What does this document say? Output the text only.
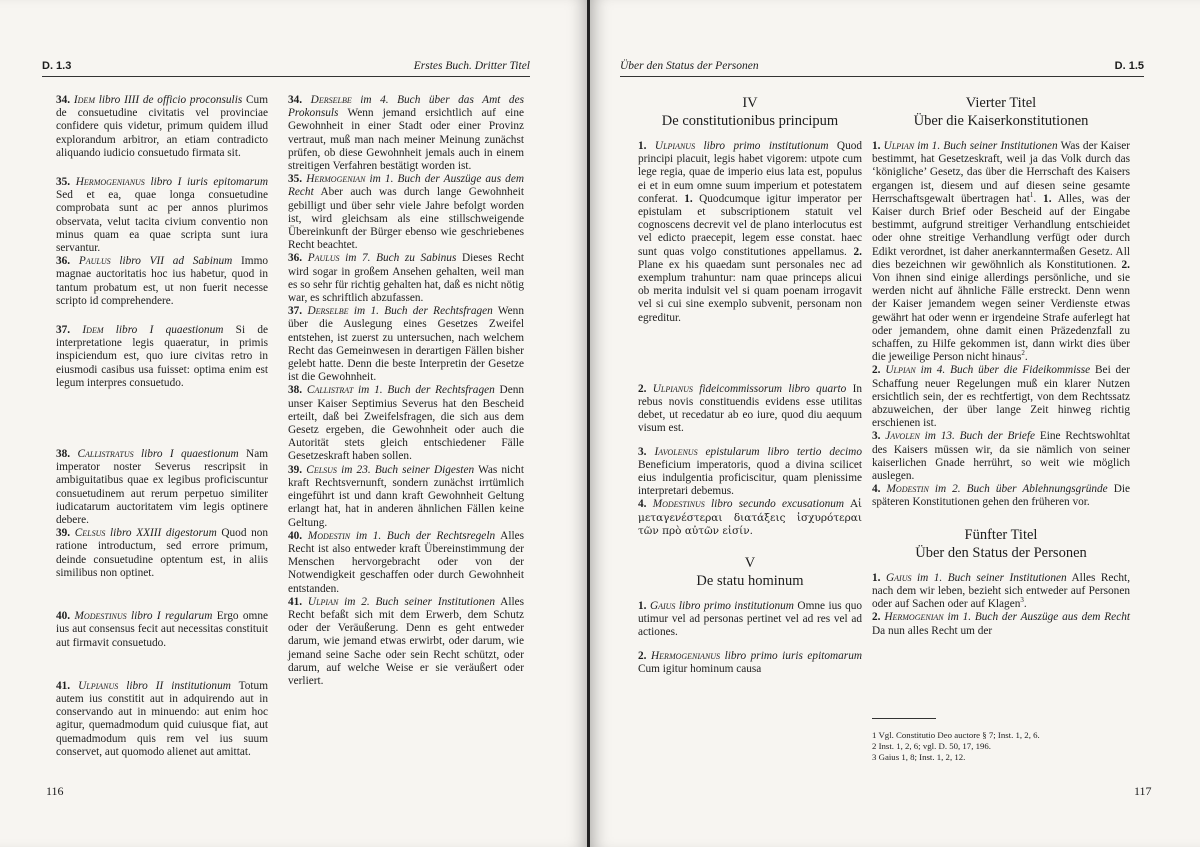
D. 1.3	Erstes Buch. Dritter Titel

34. Idem libro IIII de officio proconsulis Cum de consuetudine civitatis vel provinciae confidere quis videtur, primum quidem illud explorandum arbitror, an etiam contradicto aliquando iudicio consuetudo firmata sit.

35. Hermogenianus libro I iuris epitomarum Sed et ea, quae longa consuetudine comprobata sunt ac per annos plurimos observata, velut tacita civium conventio non minus quam ea quae scripta sunt iura servantur.

36. Paulus libro VII ad Sabinum Immo magnae auctoritatis hoc ius habetur, quod in tantum probatum est, ut non fuerit necesse scripto id comprehendere.

37. Idem libro I quaestionum Si de interpretatione legis quaeratur, in primis inspiciendum est, quo iure civitas retro in eiusmodi casibus usa fuisset: optima enim est legum interpres consuetudo.

38. Callistratus libro I quaestionum Nam imperator noster Severus rescripsit in ambiguitatibus quae ex legibus proficiscuntur consuetudinem aut rerum perpetuo similiter iudicatarum auctoritatem vim legis optinere debere.

39. Celsus libro XXIII digestorum Quod non ratione introductum, sed errore primum, deinde consuetudine optentum est, in aliis similibus non optinet.

40. Modestinus libro I regularum Ergo omne ius aut consensus fecit aut necessitas constituit aut firmavit consuetudo.

41. Ulpianus libro II institutionum Totum autem ius constitit aut in adquirendo aut in conservando aut in minuendo: aut enim hoc agitur, quemadmodum quid cuiusque fiat, aut quemadmodum quis rem vel ius suum conservet, aut quomodo alienet aut amittat.

34. Derselbe im 4. Buch über das Amt des Prokonsuls Wenn jemand ersichtlich auf eine Gewohnheit in einer Stadt oder einer Provinz vertraut, muß man nach meiner Meinung zunächst prüfen, ob diese Gewohnheit jemals auch in einem streitigen Verfahren bestätigt worden ist.

35. Hermogenian im 1. Buch der Auszüge aus dem Recht Aber auch was durch lange Gewohnheit gebilligt und über sehr viele Jahre befolgt worden ist, wird gleichsam als eine stillschweigende Übereinkunft der Bürger ebenso wie geschriebenes Recht beachtet.

36. Paulus im 7. Buch zu Sabinus Dieses Recht wird sogar in großem Ansehen gehalten, weil man es so sehr für richtig gehalten hat, daß es nicht nötig war, es schriftlich abzufassen.

37. Derselbe im 1. Buch der Rechtsfragen Wenn über die Auslegung eines Gesetzes Zweifel entstehen, ist zuerst zu untersuchen, nach welchem Recht das Gemeinwesen in derartigen Fällen bisher gelebt hatte. Denn die beste Interpretin der Gesetze ist die Gewohnheit.

38. Callistrat im 1. Buch der Rechtsfragen Denn unser Kaiser Septimius Severus hat den Bescheid erteilt, daß bei Zweifelsfragen, die sich aus dem Gesetz ergeben, die Gewohnheit oder auch die Autorität stets gleich entschiedener Fälle Gesetzeskraft haben sollen.

39. Celsus im 23. Buch seiner Digesten Was nicht kraft Rechtsvernunft, sondern zunächst irrtümlich eingeführt ist und dann kraft Gewohnheit Geltung erlangt hat, hat in anderen ähnlichen Fällen keine Geltung.

40. Modestin im 1. Buch der Rechtsregeln Alles Recht ist also entweder kraft Übereinstimmung der Menschen hervorgebracht oder von der Notwendigkeit geschaffen oder durch Gewohnheit entstanden.

41. Ulpian im 2. Buch seiner Institutionen Alles Recht befaßt sich mit dem Erwerb, dem Schutz oder der Veräußerung. Denn es geht entweder darum, wie jemand etwas erwirbt, oder darum, wie jemand seine Sache oder sein Recht schützt, oder darum, auf welche Weise er sie veräußert oder verliert.

116
Über den Status der Personen	D. 1.5
IV
De constitutionibus principum

1. Ulpianus libro primo institutionum Quod principi placuit, legis habet vigorem: utpote cum lege regia, quae de imperio eius lata est, populus ei et in eum omne suum imperium et potestatem conferat. 1. Quodcumque igitur imperator per epistulam et subscriptionem statuit vel cognoscens decrevit vel de plano interlocutus est vel edicto praecepit, legem esse constat. haec sunt quas volgo constitutiones appellamus. 2. Plane ex his quaedam sunt personales nec ad exemplum trahuntur: nam quae princeps alicui ob merita indulsit vel si quam poenam irrogavit vel si cui sine exemplo subvenit, personam non egreditur.

2. Ulpianus fideicommissorum libro quarto In rebus novis constituendis evidens esse utilitas debet, ut recedatur ab eo iure, quod diu aequum visum est.

3. Iavolenus epistularum libro tertio decimo Beneficium imperatoris, quod a divina scilicet eius indulgentia proficiscitur, quam plenissime interpretari debemus.

4. Modestinus libro secundo excusationum Αἱ μεταγενέστεραι διατάξεις ἰσχυρότεραι τῶν πρὸ αὐτῶν εἰσίν.

V
De statu hominum

1. Gaius libro primo institutionum Omne ius quo utimur vel ad personas pertinet vel ad res vel ad actiones.

2. Hermogenianus libro primo iuris epitomarum Cum igitur hominum causa

Vierter Titel
Über die Kaiserkonstitutionen

1. Ulpian im 1. Buch seiner Institutionen Was der Kaiser bestimmt, hat Gesetzeskraft, weil ja das Volk durch das ‘königliche’ Gesetz, das über die Herrschaft des Kaisers ergangen ist, diesem und auf diesen seine gesamte Herrschaftsgewalt übertragen hat$^1$. 1. Alles, was der Kaiser durch Brief oder Bescheid auf der Eingabe bestimmt, aufgrund streitiger Verhandlung entschieidet oder ohne streitige Verhandlung verfügt oder durch Edikt verordnet, ist daher anerkanntermaßen Gesetz. All dies bezeichnen wir gewöhnlich als Konstitutionen. 2. Von ihnen sind einige allerdings persönliche, und sie werden nicht auf ähnliche Fälle erstreckt. Denn wenn der Kaiser jemandem wegen seiner Verdienste etwas gewährt hat oder wenn er irgendeine Strafe auferlegt hat oder jemandem, ohne damit einen Präzedenzfall zu schaffen, zu Hilfe gekommen ist, dann wirkt dies über die jeweilige Person nicht hinaus$^2$.

2. Ulpian im 4. Buch über die Fideikommisse Bei der Schaffung neuer Regelungen muß ein klarer Nutzen ersichtlich sein, der es rechtfertigt, von dem Rechtssatz abzuweichen, der über lange Zeit hinweg richtig erschienen ist.

3. Javolen im 13. Buch der Briefe Eine Rechtswohltat des Kaisers müssen wir, da sie nämlich von seiner kaiserlichen Gnade herrührt, so weit wie möglich auslegen.

4. Modestin im 2. Buch über Ablehnungsgründe Die späteren Konstitutionen gehen den früheren vor.

Fünfter Titel
Über den Status der Personen

1. Gaius im 1. Buch seiner Institutionen Alles Recht, nach dem wir leben, bezieht sich entweder auf Personen oder auf Sachen oder auf Klagen$^3$.

2. Hermogenian im 1. Buch der Auszüge aus dem Recht Da nun alles Recht um der

1 Vgl. Constitutio Deo auctore § 7; Inst. 1, 2, 6.
2 Inst. 1, 2, 6; vgl. D. 50, 17, 196.
3 Gaius 1, 8; Inst. 1, 2, 12.
117
